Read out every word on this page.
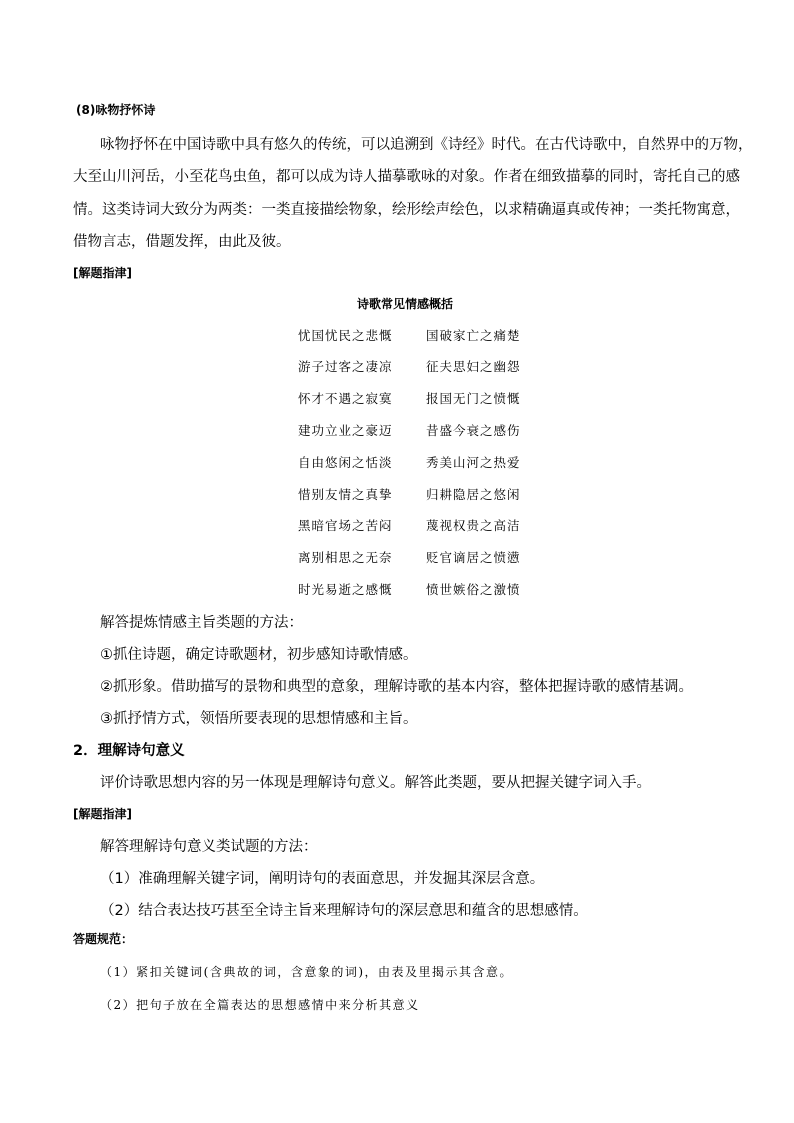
(8)咏物抒怀诗
咏物抒怀在中国诗歌中具有悠久的传统，可以追溯到《诗经》时代。在古代诗歌中，自然界中的万物，
大至山川河岳，小至花鸟虫鱼，都可以成为诗人描摹歌咏的对象。作者在细致描摹的同时，寄托自己的感
情。这类诗词大致分为两类：一类直接描绘物象，绘形绘声绘色，以求精确逼真或传神；一类托物寓意，
借物言志，借题发挥，由此及彼。
[解题指津]
诗歌常见情感概括
忧国忧民之悲慨	国破家亡之痛楚
游子过客之凄凉	征夫思妇之幽怨
怀才不遇之寂寞	报国无门之愤慨
建功立业之豪迈	昔盛今衰之感伤
自由悠闲之恬淡	秀美山河之热爱
惜别友情之真挚	归耕隐居之悠闲
黑暗官场之苦闷	蔑视权贵之高洁
离别相思之无奈	贬官谪居之愤懑
时光易逝之感慨	愤世嫉俗之激愤
解答提炼情感主旨类题的方法：
①抓住诗题，确定诗歌题材，初步感知诗歌情感。
②抓形象。借助描写的景物和典型的意象，理解诗歌的基本内容，整体把握诗歌的感情基调。
③抓抒情方式，领悟所要表现的思想情感和主旨。
2．理解诗句意义
评价诗歌思想内容的另一体现是理解诗句意义。解答此类题，要从把握关键字词入手。
[解题指津]
解答理解诗句意义类试题的方法：
（1）准确理解关键字词，阐明诗句的表面意思，并发掘其深层含意。
（2）结合表达技巧甚至全诗主旨来理解诗句的深层意思和蕴含的思想感情。
答题规范：
（1）紧扣关键词(含典故的词，含意象的词)，由表及里揭示其含意。
（2）把句子放在全篇表达的思想感情中来分析其意义
